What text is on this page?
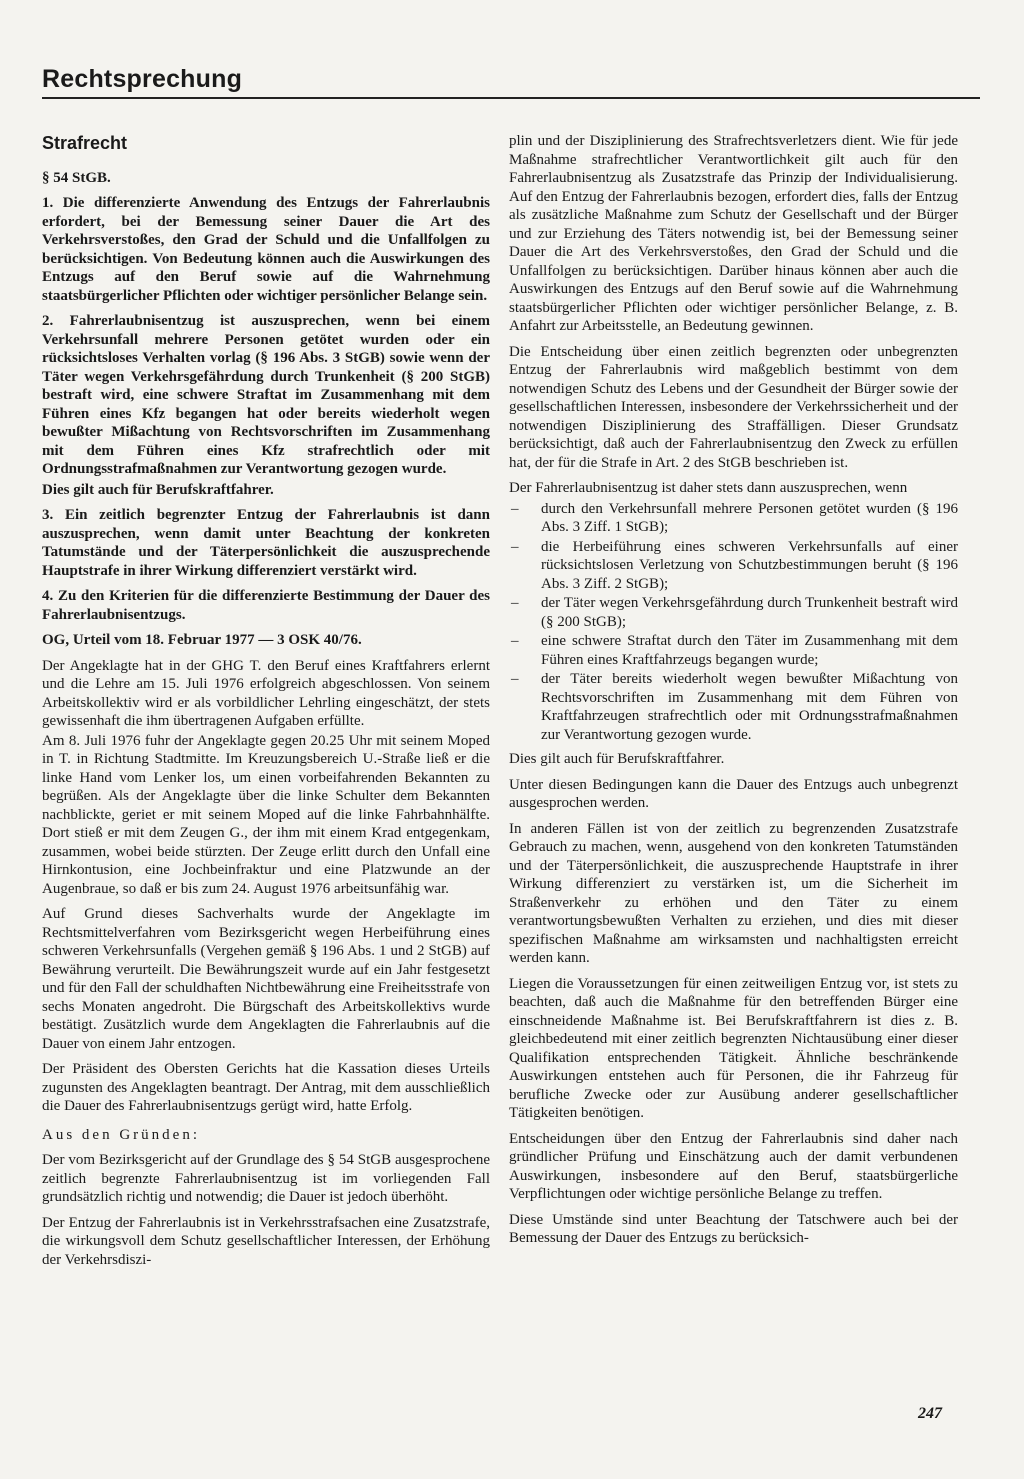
Rechtsprechung
Strafrecht

§ 54 StGB.

1. Die differenzierte Anwendung des Entzugs der Fahrerlaubnis erfordert, bei der Bemessung seiner Dauer die Art des Verkehrsverstoßes, den Grad der Schuld und die Unfallfolgen zu berücksichtigen. Von Bedeutung können auch die Auswirkungen des Entzugs auf den Beruf sowie auf die Wahrnehmung staatsbürgerlicher Pflichten oder wichtiger persönlicher Belange sein.

2. Fahrerlaubnisentzug ist auszusprechen, wenn bei einem Verkehrsunfall mehrere Personen getötet wurden oder ein rücksichtsloses Verhalten vorlag (§ 196 Abs. 3 StGB) sowie wenn der Täter wegen Verkehrsgefährdung durch Trunkenheit (§ 200 StGB) bestraft wird, eine schwere Straftat im Zusammenhang mit dem Führen eines Kfz begangen hat oder bereits wiederholt wegen bewußter Mißachtung von Rechtsvorschriften im Zusammenhang mit dem Führen eines Kfz strafrechtlich oder mit Ordnungsstrafmaßnahmen zur Verantwortung gezogen wurde.

Dies gilt auch für Berufskraftfahrer.

3. Ein zeitlich begrenzter Entzug der Fahrerlaubnis ist dann auszusprechen, wenn damit unter Beachtung der konkreten Tatumstände und der Täterpersönlichkeit die auszusprechende Hauptstrafe in ihrer Wirkung differenziert verstärkt wird.

4. Zu den Kriterien für die differenzierte Bestimmung der Dauer des Fahrerlaubnisentzugs.

OG, Urteil vom 18. Februar 1977 — 3 OSK 40/76.

Der Angeklagte hat in der GHG T. den Beruf eines Kraftfahrers erlernt und die Lehre am 15. Juli 1976 erfolgreich abgeschlossen. Von seinem Arbeitskollektiv wird er als vorbildlicher Lehrling eingeschätzt, der stets gewissenhaft die ihm übertragenen Aufgaben erfüllte.

Am 8. Juli 1976 fuhr der Angeklagte gegen 20.25 Uhr mit seinem Moped in T. in Richtung Stadtmitte. Im Kreuzungsbereich U.-Straße ließ er die linke Hand vom Lenker los, um einen vorbeifahrenden Bekannten zu begrüßen. Als der Angeklagte über die linke Schulter dem Bekannten nachblickte, geriet er mit seinem Moped auf die linke Fahrbahnhälfte. Dort stieß er mit dem Zeugen G., der ihm mit einem Krad entgegenkam, zusammen, wobei beide stürzten. Der Zeuge erlitt durch den Unfall eine Hirnkontusion, eine Jochbeinfraktur und eine Platzwunde an der Augenbraue, so daß er bis zum 24. August 1976 arbeitsunfähig war.

Auf Grund dieses Sachverhalts wurde der Angeklagte im Rechtsmittelverfahren vom Bezirksgericht wegen Herbeiführung eines schweren Verkehrsunfalls (Vergehen gemäß § 196 Abs. 1 und 2 StGB) auf Bewährung verurteilt. Die Bewährungszeit wurde auf ein Jahr festgesetzt und für den Fall der schuldhaften Nichtbewährung eine Freiheitsstrafe von sechs Monaten angedroht. Die Bürgschaft des Arbeitskollektivs wurde bestätigt. Zusätzlich wurde dem Angeklagten die Fahrerlaubnis auf die Dauer von einem Jahr entzogen.

Der Präsident des Obersten Gerichts hat die Kassation dieses Urteils zugunsten des Angeklagten beantragt. Der Antrag, mit dem ausschließlich die Dauer des Fahrerlaubnisentzugs gerügt wird, hatte Erfolg.

Aus den Gründen:

Der vom Bezirksgericht auf der Grundlage des § 54 StGB ausgesprochene zeitlich begrenzte Fahrerlaubnisentzug ist im vorliegenden Fall grundsätzlich richtig und notwendig; die Dauer ist jedoch überhöht.

Der Entzug der Fahrerlaubnis ist in Verkehrsstrafsachen eine Zusatzstrafe, die wirkungsvoll dem Schutz gesellschaftlicher Interessen, der Erhöhung der Verkehrsdiszi-

plin und der Disziplinierung des Strafrechtsverletzers dient. Wie für jede Maßnahme strafrechtlicher Verantwortlichkeit gilt auch für den Fahrerlaubnisentzug als Zusatzstrafe das Prinzip der Individualisierung. Auf den Entzug der Fahrerlaubnis bezogen, erfordert dies, falls der Entzug als zusätzliche Maßnahme zum Schutz der Gesellschaft und der Bürger und zur Erziehung des Täters notwendig ist, bei der Bemessung seiner Dauer die Art des Verkehrsverstoßes, den Grad der Schuld und die Unfallfolgen zu berücksichtigen. Darüber hinaus können aber auch die Auswirkungen des Entzugs auf den Beruf sowie auf die Wahrnehmung staatsbürgerlicher Pflichten oder wichtiger persönlicher Belange, z. B. Anfahrt zur Arbeitsstelle, an Bedeutung gewinnen.

Die Entscheidung über einen zeitlich begrenzten oder unbegrenzten Entzug der Fahrerlaubnis wird maßgeblich bestimmt von dem notwendigen Schutz des Lebens und der Gesundheit der Bürger sowie der gesellschaftlichen Interessen, insbesondere der Verkehrssicherheit und der notwendigen Disziplinierung des Straffälligen. Dieser Grundsatz berücksichtigt, daß auch der Fahrerlaubnisentzug den Zweck zu erfüllen hat, der für die Strafe in Art. 2 des StGB beschrieben ist.

Der Fahrerlaubnisentzug ist daher stets dann auszusprechen, wenn

– durch den Verkehrsunfall mehrere Personen getötet wurden (§ 196 Abs. 3 Ziff. 1 StGB);
– die Herbeiführung eines schweren Verkehrsunfalls auf einer rücksichtslosen Verletzung von Schutzbestimmungen beruht (§ 196 Abs. 3 Ziff. 2 StGB);
– der Täter wegen Verkehrsgefährdung durch Trunkenheit bestraft wird (§ 200 StGB);
– eine schwere Straftat durch den Täter im Zusammenhang mit dem Führen eines Kraftfahrzeugs begangen wurde;
– der Täter bereits wiederholt wegen bewußter Mißachtung von Rechtsvorschriften im Zusammenhang mit dem Führen von Kraftfahrzeugen strafrechtlich oder mit Ordnungsstrafmaßnahmen zur Verantwortung gezogen wurde.

Dies gilt auch für Berufskraftfahrer.

Unter diesen Bedingungen kann die Dauer des Entzugs auch unbegrenzt ausgesprochen werden.

In anderen Fällen ist von der zeitlich zu begrenzenden Zusatzstrafe Gebrauch zu machen, wenn, ausgehend von den konkreten Tatumständen und der Täterpersönlichkeit, die auszusprechende Hauptstrafe in ihrer Wirkung differenziert zu verstärken ist, um die Sicherheit im Straßenverkehr zu erhöhen und den Täter zu einem verantwortungsbewußten Verhalten zu erziehen, und dies mit dieser spezifischen Maßnahme am wirksamsten und nachhaltigsten erreicht werden kann.

Liegen die Voraussetzungen für einen zeitweiligen Entzug vor, ist stets zu beachten, daß auch die Maßnahme für den betreffenden Bürger eine einschneidende Maßnahme ist. Bei Berufskraftfahrern ist dies z. B. gleichbedeutend mit einer zeitlich begrenzten Nichtausübung einer dieser Qualifikation entsprechenden Tätigkeit. Ähnliche beschränkende Auswirkungen entstehen auch für Personen, die ihr Fahrzeug für berufliche Zwecke oder zur Ausübung anderer gesellschaftlicher Tätigkeiten benötigen.

Entscheidungen über den Entzug der Fahrerlaubnis sind daher nach gründlicher Prüfung und Einschätzung auch der damit verbundenen Auswirkungen, insbesondere auf den Beruf, staatsbürgerliche Verpflichtungen oder wichtige persönliche Belange zu treffen.

Diese Umstände sind unter Beachtung der Tatschwere auch bei der Bemessung der Dauer des Entzugs zu berücksich-

247
